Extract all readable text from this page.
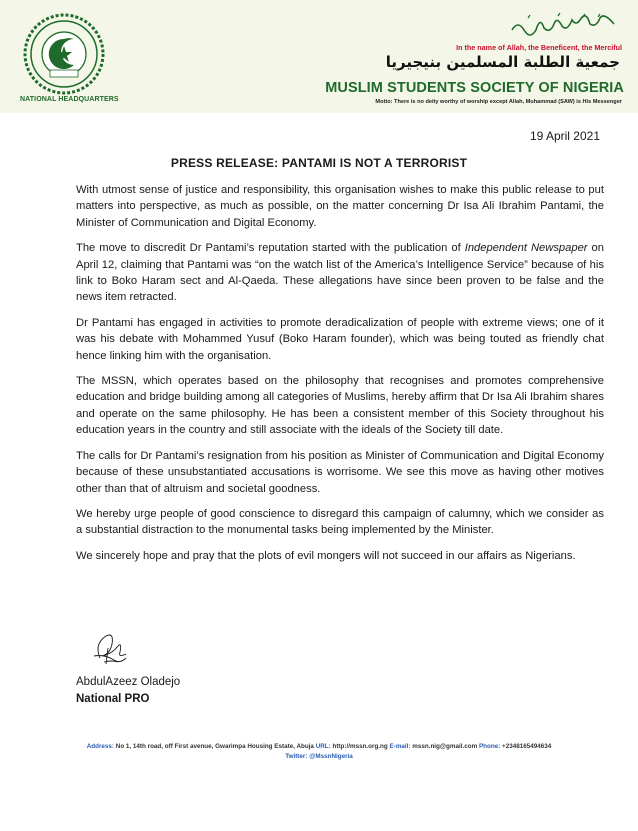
NATIONAL HEADQUARTERS
In the name of Allah, the Beneficent, the Merciful
جمعية الطلبة المسلمين بنيجيريا
MUSLIM STUDENTS SOCIETY OF NIGERIA
Motto: There is no deity worthy of worship except Allah, Muhammad (SAW) is His Messenger
19 April 2021
PRESS RELEASE: PANTAMI IS NOT A TERRORIST

With utmost sense of justice and responsibility, this organisation wishes to make this public release to put matters into perspective, as much as possible, on the matter concerning Dr Isa Ali Ibrahim Pantami, the Minister of Communication and Digital Economy.

The move to discredit Dr Pantami’s reputation started with the publication of Independent Newspaper on April 12, claiming that Pantami was “on the watch list of the America’s Intelligence Service” because of his link to Boko Haram sect and Al-Qaeda. These allegations have since been proven to be false and the news item retracted.

Dr Pantami has engaged in activities to promote deradicalization of people with extreme views; one of it was his debate with Mohammed Yusuf (Boko Haram founder), which was being touted as friendly chat hence linking him with the organisation.

The MSSN, which operates based on the philosophy that recognises and promotes comprehensive education and bridge building among all categories of Muslims, hereby affirm that Dr Isa Ali Ibrahim shares and operate on the same philosophy. He has been a consistent member of this Society throughout his education years in the country and still associate with the ideals of the Society till date.

The calls for Dr Pantami’s resignation from his position as Minister of Communication and Digital Economy because of these unsubstantiated accusations is worrisome. We see this move as having other motives other than that of altruism and societal goodness.

We hereby urge people of good conscience to disregard this campaign of calumny, which we consider as a substantial distraction to the monumental tasks being implemented by the Minister.

We sincerely hope and pray that the plots of evil mongers will not succeed in our affairs as Nigerians.

AbdulAzeez Oladejo
National PRO
Address: No 1, 14th road, off First avenue, Gwarimpa Housing Estate, Abuja URL: http://mssn.org.ng E-mail: mssn.nig@gmail.com Phone: +2348165494634
Twitter: @MssnNigeria
